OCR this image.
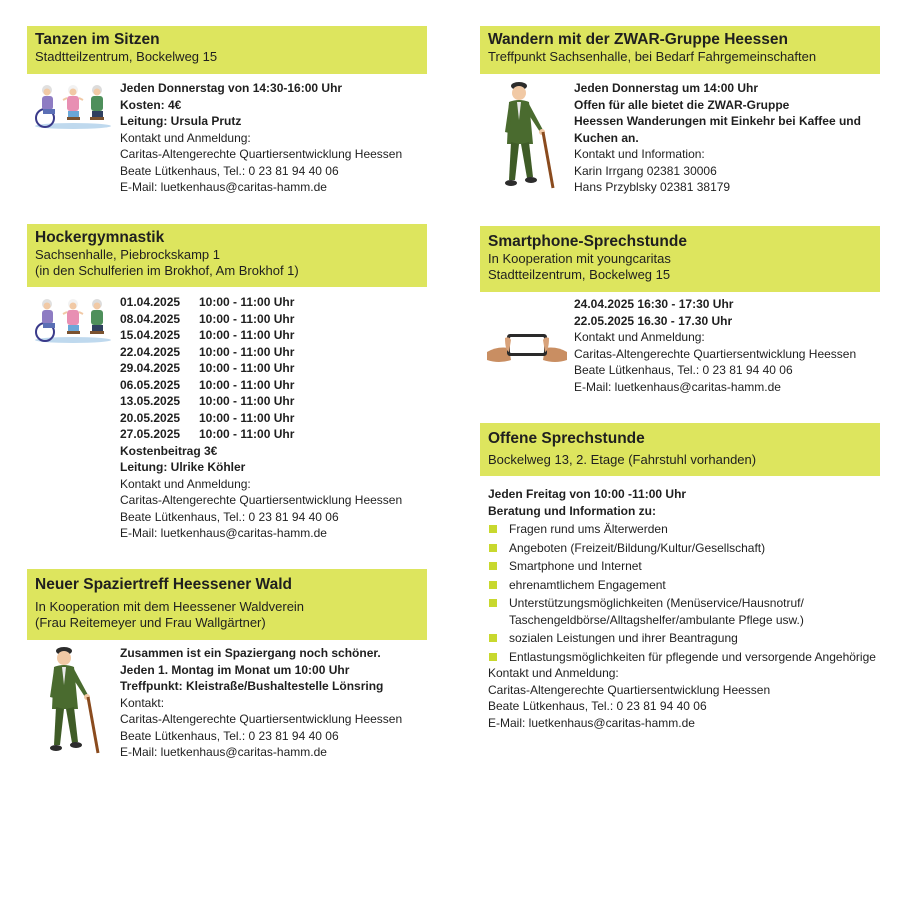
Tanzen im Sitzen
Stadtteilzentrum, Bockelweg 15
Jeden Donnerstag von 14:30-16:00 Uhr
Kosten: 4€
Leitung: Ursula Prutz
Kontakt und Anmeldung:
Caritas-Altengerechte Quartiersentwicklung Heessen
Beate Lütkenhaus, Tel.: 0 23 81 94 40 06
E-Mail: luetkenhaus@caritas-hamm.de
Hockergymnastik
Sachsenhalle, Piebrockskamp 1
(in den Schulferien im Brokhof, Am Brokhof 1)
01.04.2025	10:00 - 11:00 Uhr
08.04.2025	10:00 - 11:00 Uhr
15.04.2025	10:00 - 11:00 Uhr
22.04.2025	10:00 - 11:00 Uhr
29.04.2025	10:00 - 11:00 Uhr
06.05.2025	10:00 - 11:00 Uhr
13.05.2025	10:00 - 11:00 Uhr
20.05.2025	10:00 - 11:00 Uhr
27.05.2025	10:00 - 11:00 Uhr
Kostenbeitrag 3€
Leitung: Ulrike Köhler
Kontakt und Anmeldung:
Caritas-Altengerechte Quartiersentwicklung Heessen
Beate Lütkenhaus, Tel.: 0 23 81 94 40 06
E-Mail: luetkenhaus@caritas-hamm.de
Neuer Spaziertreff Heessener Wald
In Kooperation mit dem Heessener Waldverein
(Frau Reitemeyer und Frau Wallgärtner)
Zusammen ist ein Spaziergang noch schöner.
Jeden 1. Montag im Monat um 10:00 Uhr
Treffpunkt: Kleistraße/Bushaltestelle Lönsring
Kontakt:
Caritas-Altengerechte Quartiersentwicklung Heessen
Beate Lütkenhaus, Tel.: 0 23 81 94 40 06
E-Mail: luetkenhaus@caritas-hamm.de
Wandern mit der ZWAR-Gruppe Heessen
Treffpunkt Sachsenhalle, bei Bedarf Fahrgemeinschaften
Jeden Donnerstag um 14:00 Uhr
Offen für alle bietet die ZWAR-Gruppe
Heessen Wanderungen mit Einkehr bei Kaffee und
Kuchen an.
Kontakt und Information:
Karin Irrgang 02381 30006
Hans Przyblsky 02381 38179
Smartphone-Sprechstunde
In Kooperation mit youngcaritas
Stadtteilzentrum, Bockelweg 15
24.04.2025 16:30 - 17:30 Uhr
22.05.2025 16.30 - 17.30 Uhr
Kontakt und Anmeldung:
Caritas-Altengerechte Quartiersentwicklung Heessen
Beate Lütkenhaus, Tel.: 0 23 81 94 40 06
E-Mail: luetkenhaus@caritas-hamm.de
Offene Sprechstunde
Bockelweg 13, 2. Etage (Fahrstuhl vorhanden)
Jeden Freitag von 10:00 -11:00 Uhr
Beratung und Information zu:
Fragen rund ums Älterwerden
Angeboten (Freizeit/Bildung/Kultur/Gesellschaft)
Smartphone und Internet
ehrenamtlichem Engagement
Unterstützungsmöglichkeiten (Menüservice/Hausnotruf/
Taschengeldbörse/Alltagshelfer/ambulante Pflege usw.)
sozialen Leistungen und ihrer Beantragung
Entlastungsmöglichkeiten für pflegende und versorgende Angehörige
Kontakt und Anmeldung:
Caritas-Altengerechte Quartiersentwicklung Heessen
Beate Lütkenhaus, Tel.: 0 23 81 94 40 06
E-Mail: luetkenhaus@caritas-hamm.de
